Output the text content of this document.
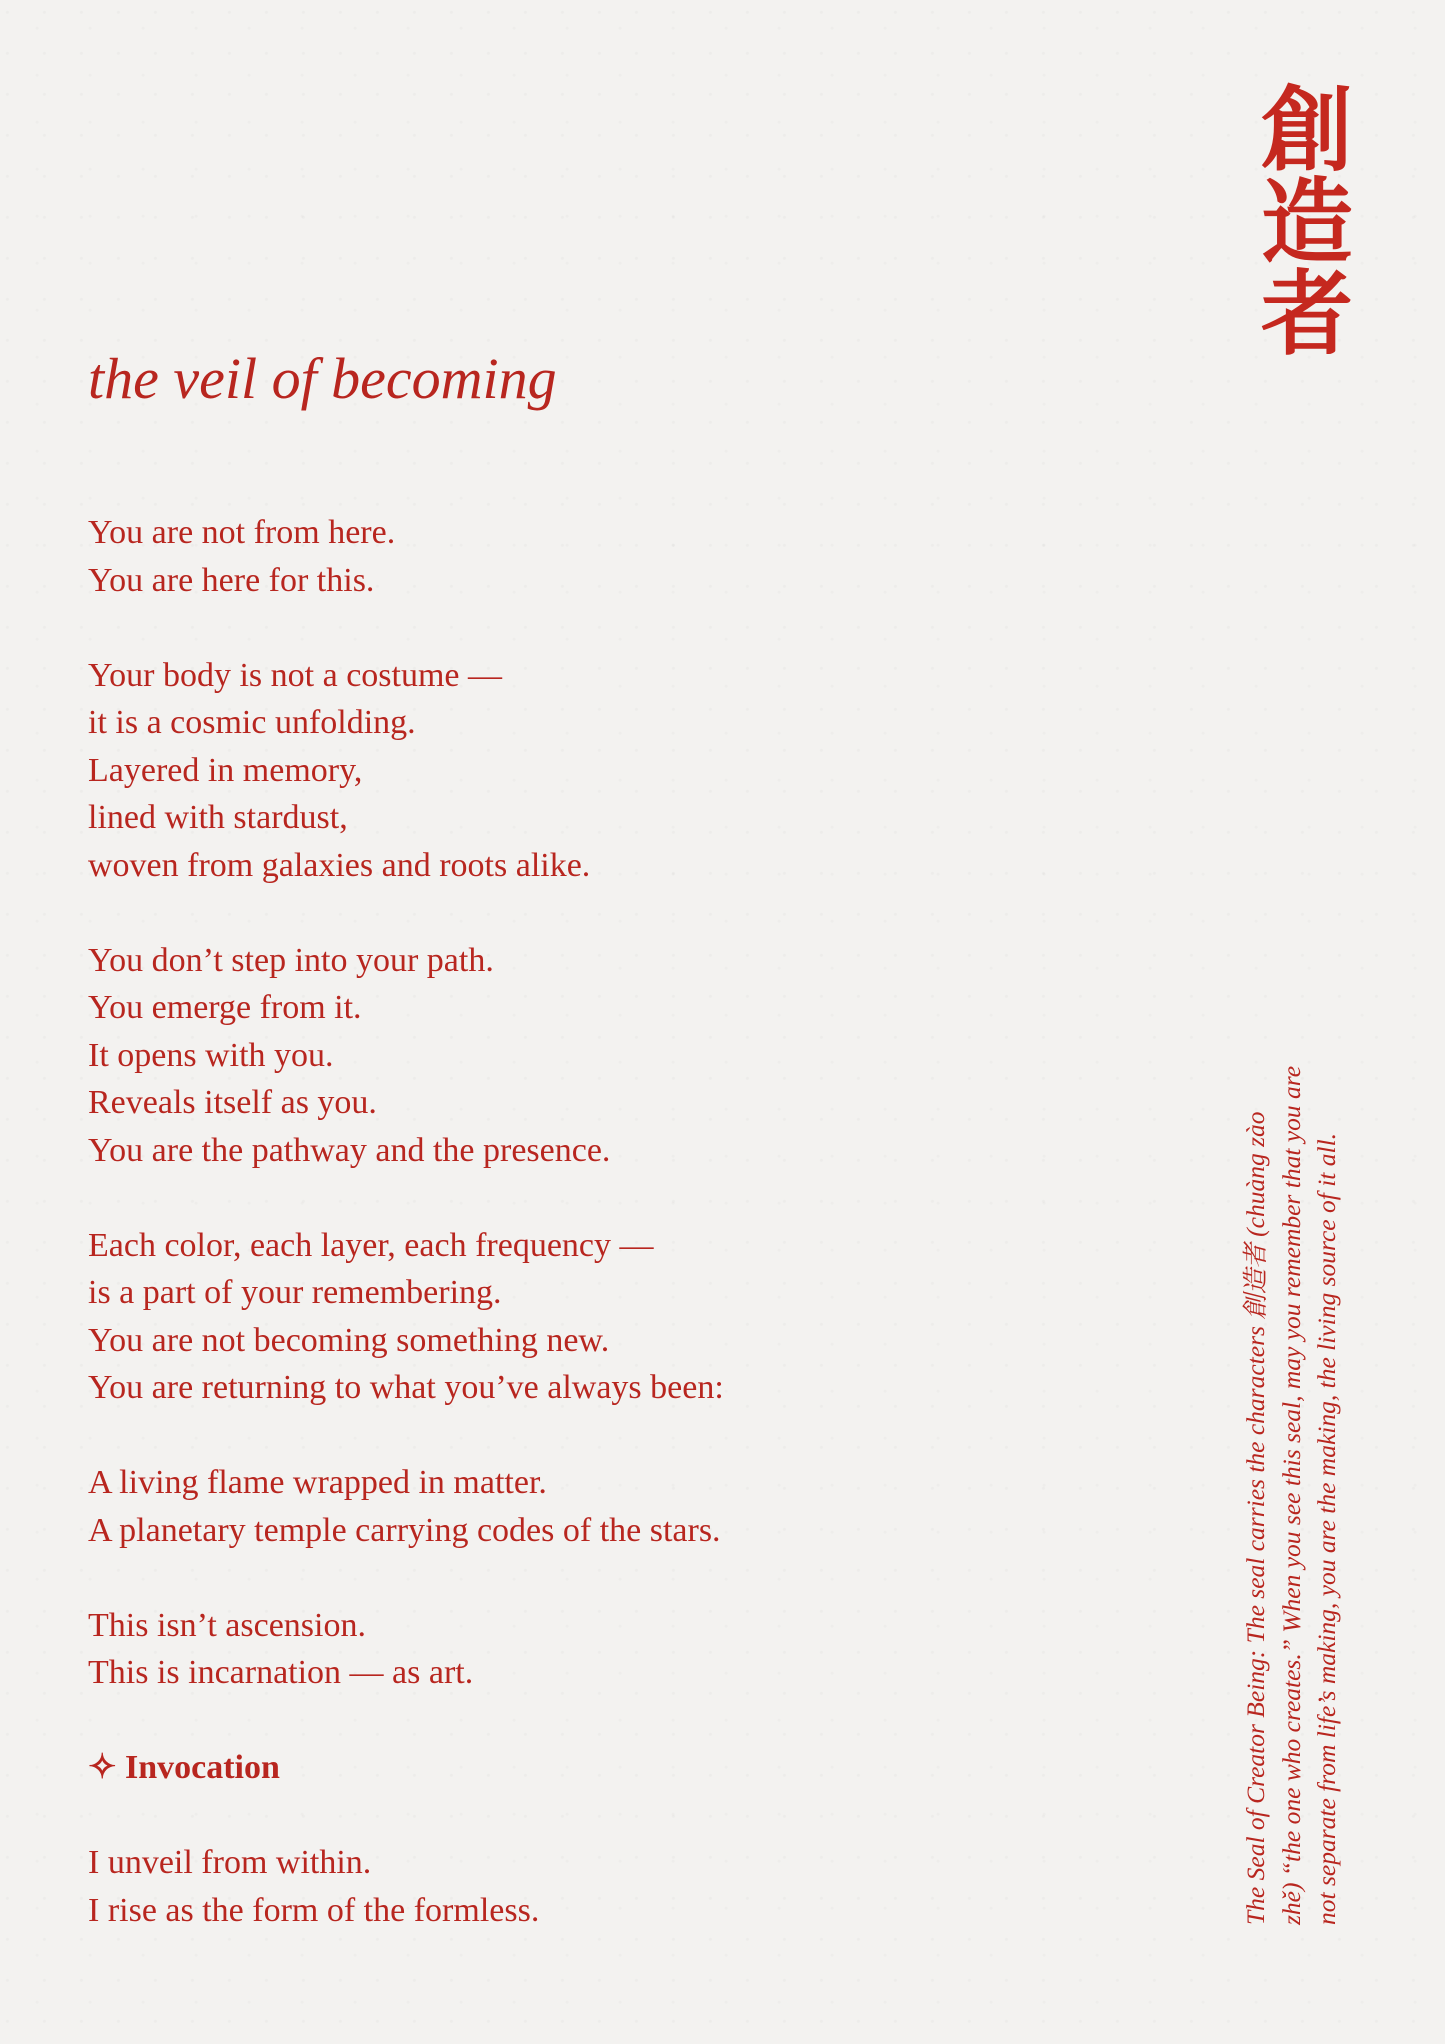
創
造
者
the veil of becoming
You are not from here.
You are here for this.
Your body is not a costume —
it is a cosmic unfolding.
Layered in memory,
lined with stardust,
woven from galaxies and roots alike.
You don’t step into your path.
You emerge from it.
It opens with you.
Reveals itself as you.
You are the pathway and the presence.
Each color, each layer, each frequency —
is a part of your remembering.
You are not becoming something new.
You are returning to what you’ve always been:
A living flame wrapped in matter.
A planetary temple carrying codes of the stars.
This isn’t ascension.
This is incarnation — as art.
✧ Invocation
I unveil from within.
I rise as the form of the formless.	The Seal of Creator Being: The seal carries the characters 創造者 (chuàng zào zhě) “the one who creates.” When you see this seal, may you remember that you are not separate from life’s making, you are the making, the living source of it all.
